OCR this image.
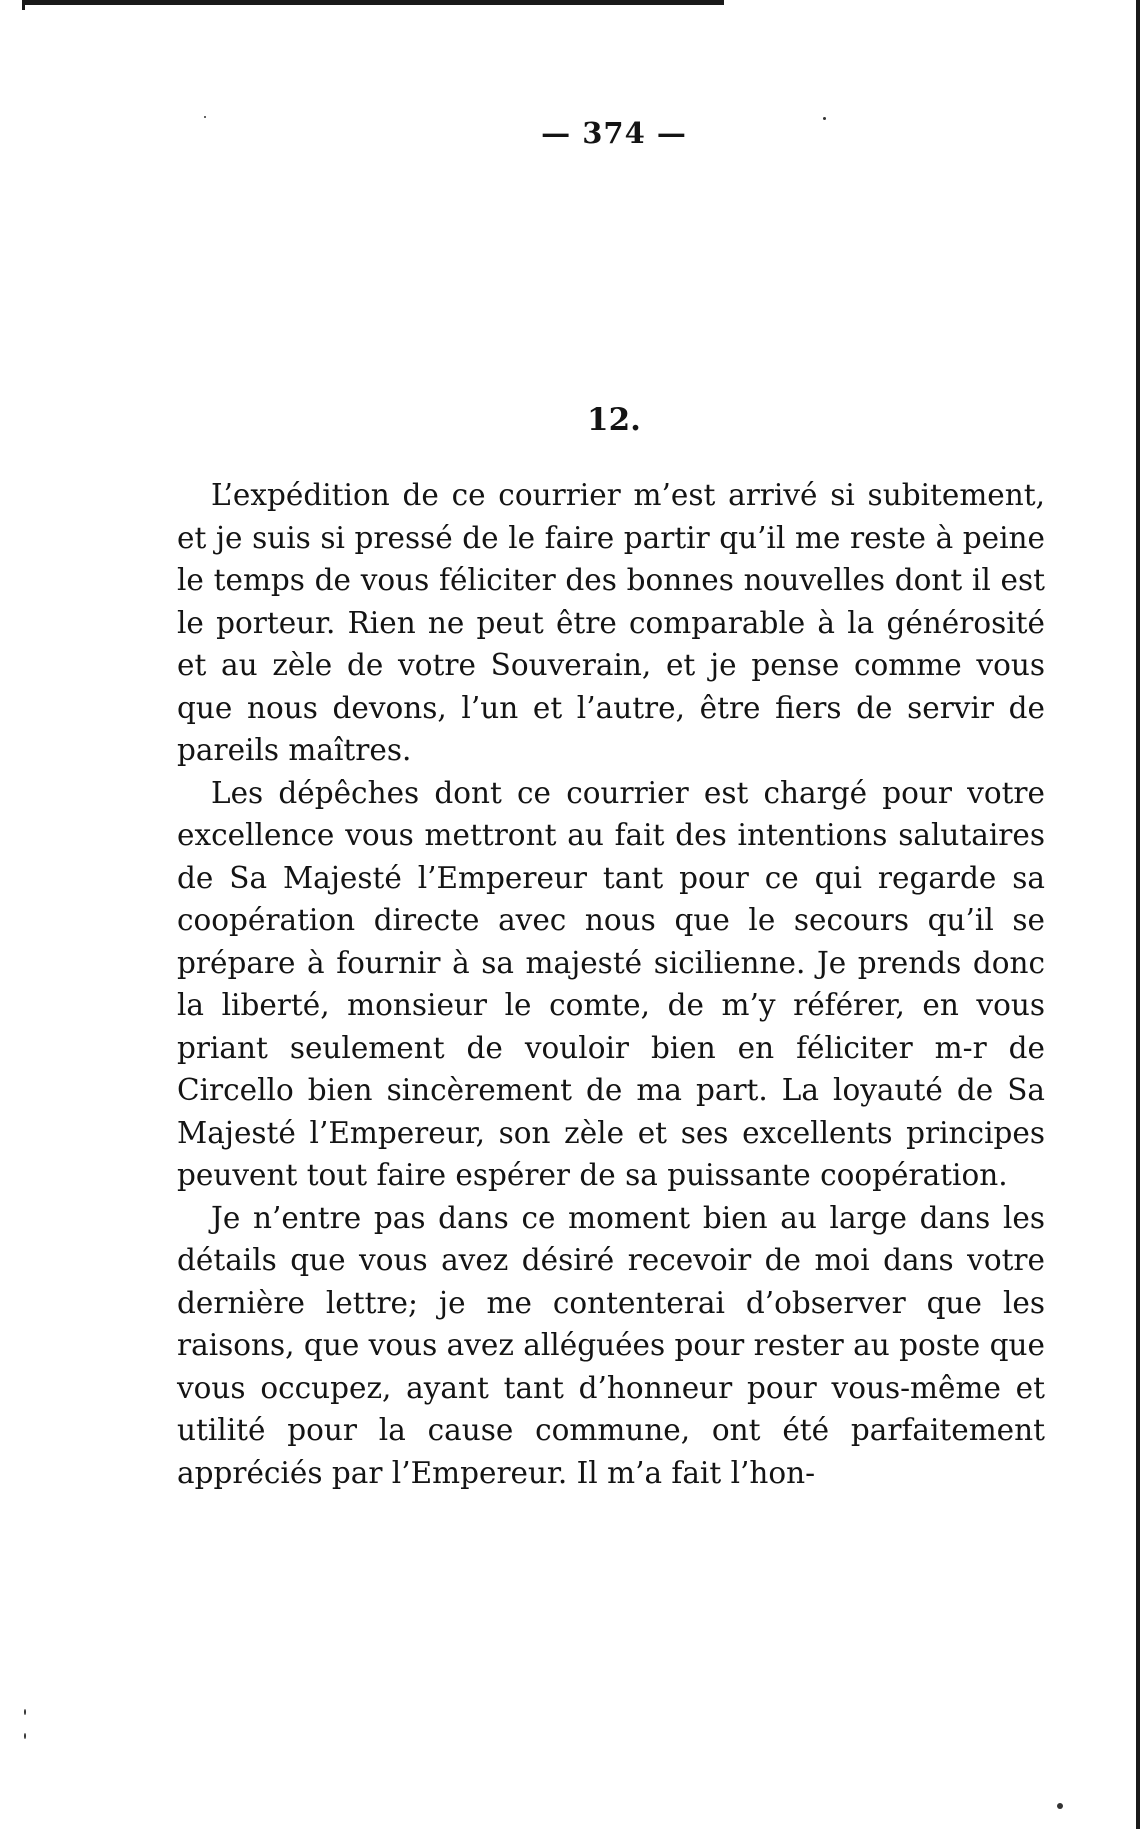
— 374 —
12.

L’expédition de ce courrier m’est arrivé si subitement, et je suis si pressé de le faire partir qu’il me reste à peine le temps de vous féliciter des bonnes nouvelles dont il est le porteur. Rien ne peut être comparable à la générosité et au zèle de votre Souverain, et je pense comme vous que nous devons, l’un et l’autre, être fiers de servir de pareils maîtres.

Les dépêches dont ce courrier est chargé pour votre excellence vous mettront au fait des intentions salutaires de Sa Majesté l’Empereur tant pour ce qui regarde sa coopération directe avec nous que le secours qu’il se prépare à fournir à sa majesté sicilienne. Je prends donc la liberté, monsieur le comte, de m’y référer, en vous priant seulement de vouloir bien en féliciter m-r de Circello bien sincèrement de ma part. La loyauté de Sa Majesté l’Empereur, son zèle et ses excellents principes peuvent tout faire espérer de sa puissante coopération.

Je n’entre pas dans ce moment bien au large dans les détails que vous avez désiré recevoir de moi dans votre dernière lettre; je me contenterai d’observer que les raisons, que vous avez alléguées pour rester au poste que vous occupez, ayant tant d’honneur pour vous-même et utilité pour la cause commune, ont été parfaitement appréciés par l’Empereur. Il m’a fait l’hon-
